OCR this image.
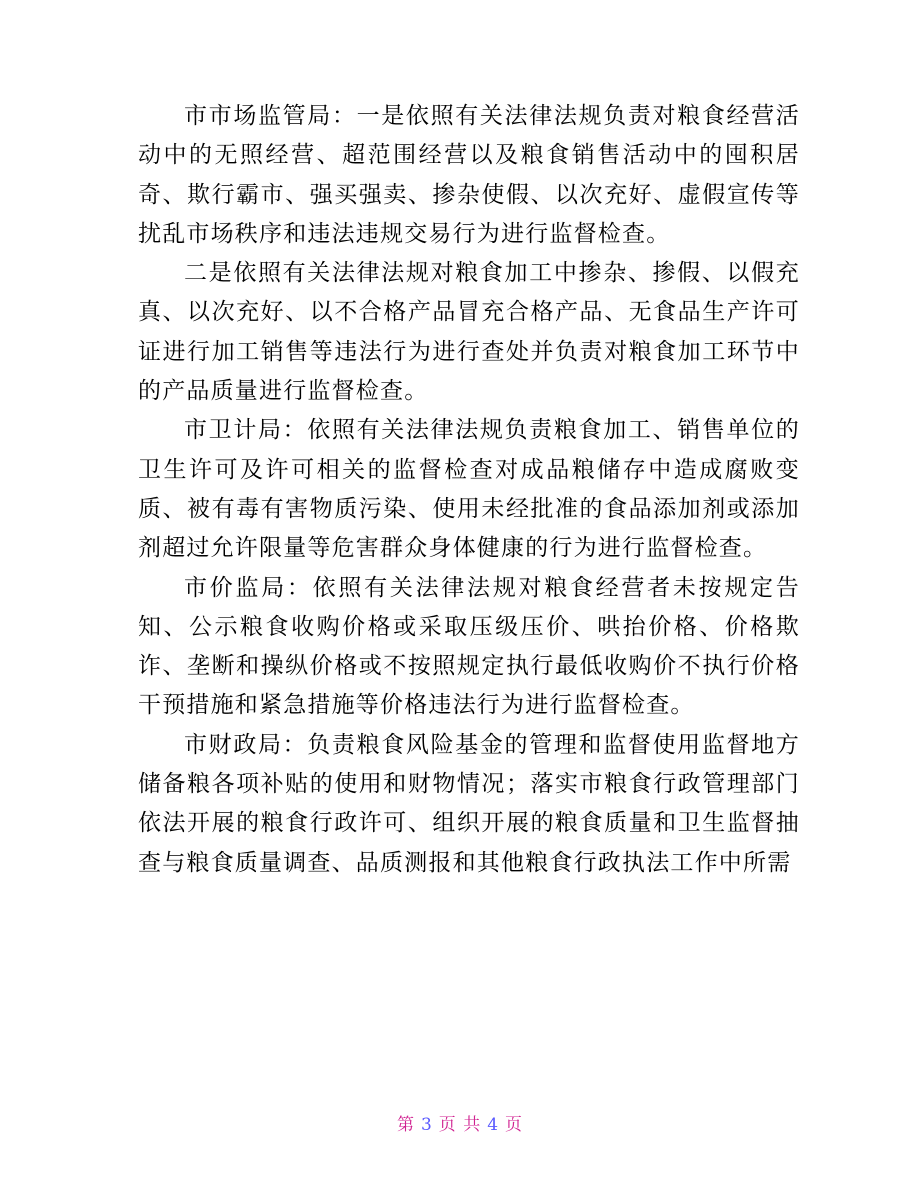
市市场监管局：一是依照有关法律法规负责对粮食经营活动中的无照经营、超范围经营以及粮食销售活动中的囤积居奇、欺行霸市、强买强卖、掺杂使假、以次充好、虚假宣传等扰乱市场秩序和违法违规交易行为进行监督检查。

二是依照有关法律法规对粮食加工中掺杂、掺假、以假充真、以次充好、以不合格产品冒充合格产品、无食品生产许可证进行加工销售等违法行为进行查处并负责对粮食加工环节中的产品质量进行监督检查。

市卫计局：依照有关法律法规负责粮食加工、销售单位的卫生许可及许可相关的监督检查对成品粮储存中造成腐败变质、被有毒有害物质污染、使用未经批准的食品添加剂或添加剂超过允许限量等危害群众身体健康的行为进行监督检查。

市价监局：依照有关法律法规对粮食经营者未按规定告知、公示粮食收购价格或采取压级压价、哄抬价格、价格欺诈、垄断和操纵价格或不按照规定执行最低收购价不执行价格干预措施和紧急措施等价格违法行为进行监督检查。

市财政局：负责粮食风险基金的管理和监督使用监督地方储备粮各项补贴的使用和财物情况；落实市粮食行政管理部门依法开展的粮食行政许可、组织开展的粮食质量和卫生监督抽查与粮食质量调查、品质测报和其他粮食行政执法工作中所需

第 3 页 共 4 页
